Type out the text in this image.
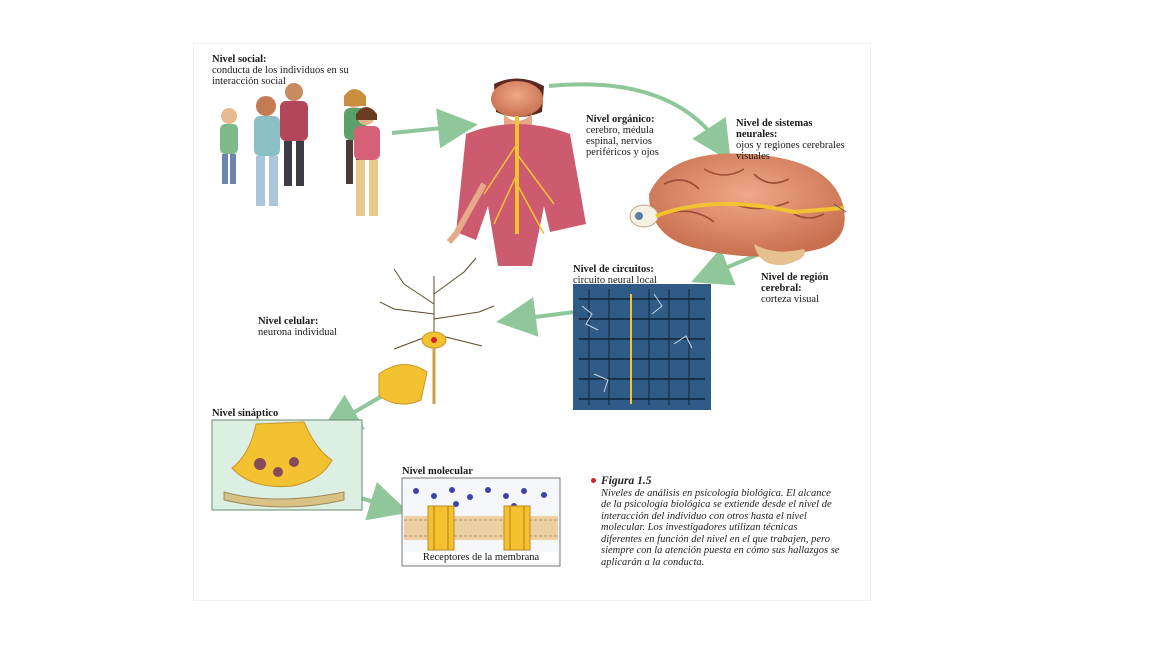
Nivel social:
conducta de los individuos en su interacción social
Nivel orgánico:
cerebro, médula espinal, nervios periféricos y ojos
Nivel de sistemas neurales:
ojos y regiones cerebrales visuales
Nivel de región cerebral:
corteza visual
Nivel de circuitos:
circuito neural local
Nivel celular:
neurona individual
Nivel sináptico
Nivel molecular
Receptores de la membrana
Figura 1.5
Niveles de análisis en psicología biológica. El alcance de la psicología biológica se extiende desde el nivel de interacción del individuo con otros hasta el nivel molecular. Los investigadores utilizan técnicas diferentes en función del nivel en el que trabajen, pero siempre con la atención puesta en cómo sus hallazgos se aplicarán a la conducta.
